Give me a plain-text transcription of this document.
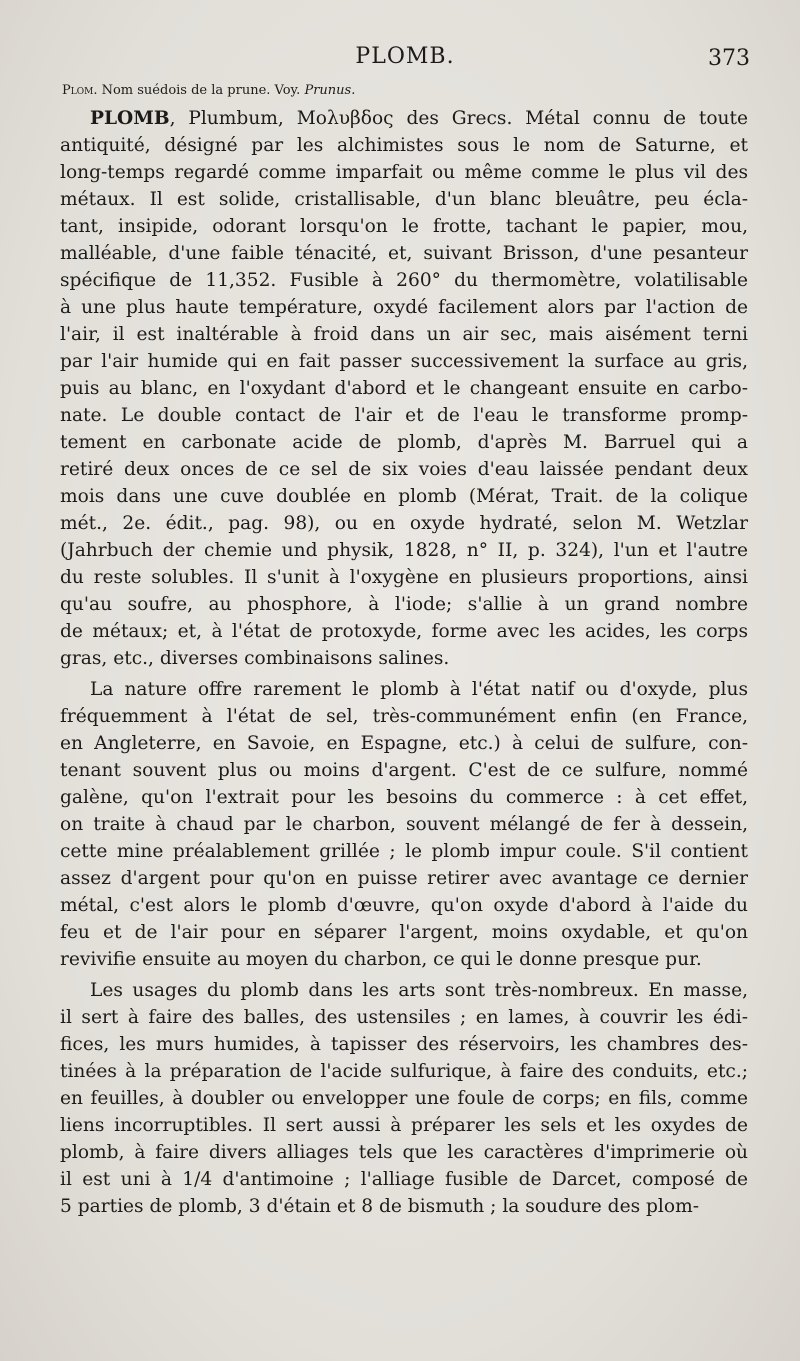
PLOMB.	373
Plom. Nom suédois de la prune. Voy. Prunus.
PLOMB, Plumbum, Μολυβδος des Grecs. Métal connu de toute
antiquité, désigné par les alchimistes sous le nom de Saturne, et
long-temps regardé comme imparfait ou même comme le plus vil des
métaux. Il est solide, cristallisable, d'un blanc bleuâtre, peu écla-
tant, insipide, odorant lorsqu'on le frotte, tachant le papier, mou,
malléable, d'une faible ténacité, et, suivant Brisson, d'une pesanteur
spécifique de 11,352. Fusible à 260° du thermomètre, volatilisable
à une plus haute température, oxydé facilement alors par l'action de
l'air, il est inaltérable à froid dans un air sec, mais aisément terni
par l'air humide qui en fait passer successivement la surface au gris,
puis au blanc, en l'oxydant d'abord et le changeant ensuite en carbo-
nate. Le double contact de l'air et de l'eau le transforme promp-
tement en carbonate acide de plomb, d'après M. Barruel qui a
retiré deux onces de ce sel de six voies d'eau laissée pendant deux
mois dans une cuve doublée en plomb (Mérat, Trait. de la colique
mét., 2e. édit., pag. 98), ou en oxyde hydraté, selon M. Wetzlar
(Jahrbuch der chemie und physik, 1828, n° II, p. 324), l'un et l'autre
du reste solubles. Il s'unit à l'oxygène en plusieurs proportions, ainsi
qu'au soufre, au phosphore, à l'iode; s'allie à un grand nombre
de métaux; et, à l'état de protoxyde, forme avec les acides, les corps
gras, etc., diverses combinaisons salines.
La nature offre rarement le plomb à l'état natif ou d'oxyde, plus
fréquemment à l'état de sel, très-communément enfin (en France,
en Angleterre, en Savoie, en Espagne, etc.) à celui de sulfure, con-
tenant souvent plus ou moins d'argent. C'est de ce sulfure, nommé
galène, qu'on l'extrait pour les besoins du commerce : à cet effet,
on traite à chaud par le charbon, souvent mélangé de fer à dessein,
cette mine préalablement grillée ; le plomb impur coule. S'il contient
assez d'argent pour qu'on en puisse retirer avec avantage ce dernier
métal, c'est alors le plomb d'œuvre, qu'on oxyde d'abord à l'aide du
feu et de l'air pour en séparer l'argent, moins oxydable, et qu'on
revivifie ensuite au moyen du charbon, ce qui le donne presque pur.
Les usages du plomb dans les arts sont très-nombreux. En masse,
il sert à faire des balles, des ustensiles ; en lames, à couvrir les édi-
fices, les murs humides, à tapisser des réservoirs, les chambres des-
tinées à la préparation de l'acide sulfurique, à faire des conduits, etc.;
en feuilles, à doubler ou envelopper une foule de corps; en fils, comme
liens incorruptibles. Il sert aussi à préparer les sels et les oxydes de
plomb, à faire divers alliages tels que les caractères d'imprimerie où
il est uni à 1/4 d'antimoine ; l'alliage fusible de Darcet, composé de
5 parties de plomb, 3 d'étain et 8 de bismuth ; la soudure des plom-
